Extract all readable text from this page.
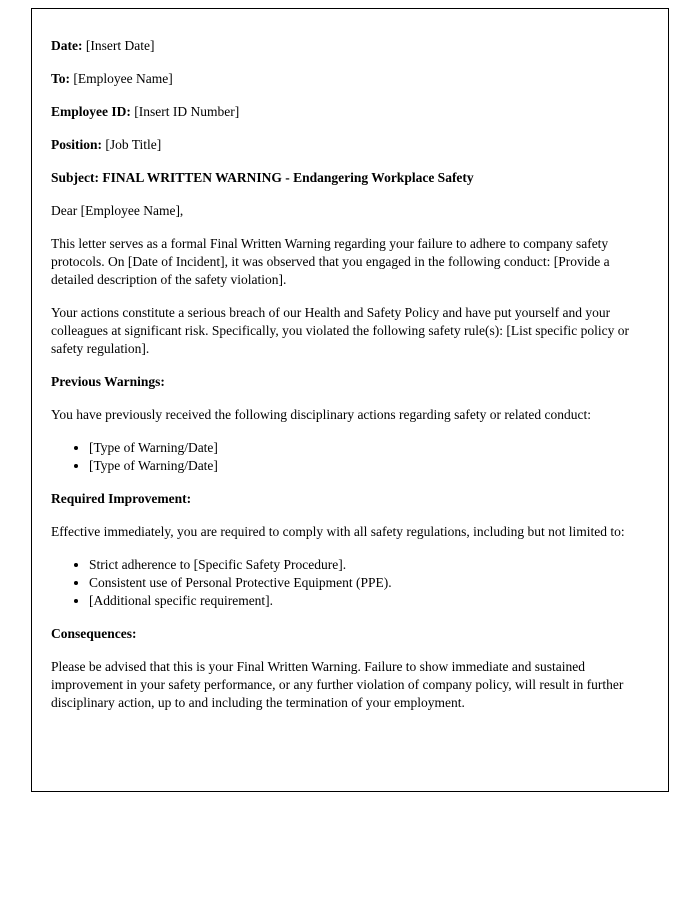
Date: [Insert Date]

To: [Employee Name]

Employee ID: [Insert ID Number]

Position: [Job Title]

Subject: FINAL WRITTEN WARNING - Endangering Workplace Safety

Dear [Employee Name],

This letter serves as a formal Final Written Warning regarding your failure to adhere to company safety protocols. On [Date of Incident], it was observed that you engaged in the following conduct: [Provide a detailed description of the safety violation].

Your actions constitute a serious breach of our Health and Safety Policy and have put yourself and your colleagues at significant risk. Specifically, you violated the following safety rule(s): [List specific policy or safety regulation].

Previous Warnings:

You have previously received the following disciplinary actions regarding safety or related conduct:

• [Type of Warning/Date]
• [Type of Warning/Date]

Required Improvement:

Effective immediately, you are required to comply with all safety regulations, including but not limited to:

• Strict adherence to [Specific Safety Procedure].
• Consistent use of Personal Protective Equipment (PPE).
• [Additional specific requirement].

Consequences:

Please be advised that this is your Final Written Warning. Failure to show immediate and sustained improvement in your safety performance, or any further violation of company policy, will result in further disciplinary action, up to and including the termination of your employment.
